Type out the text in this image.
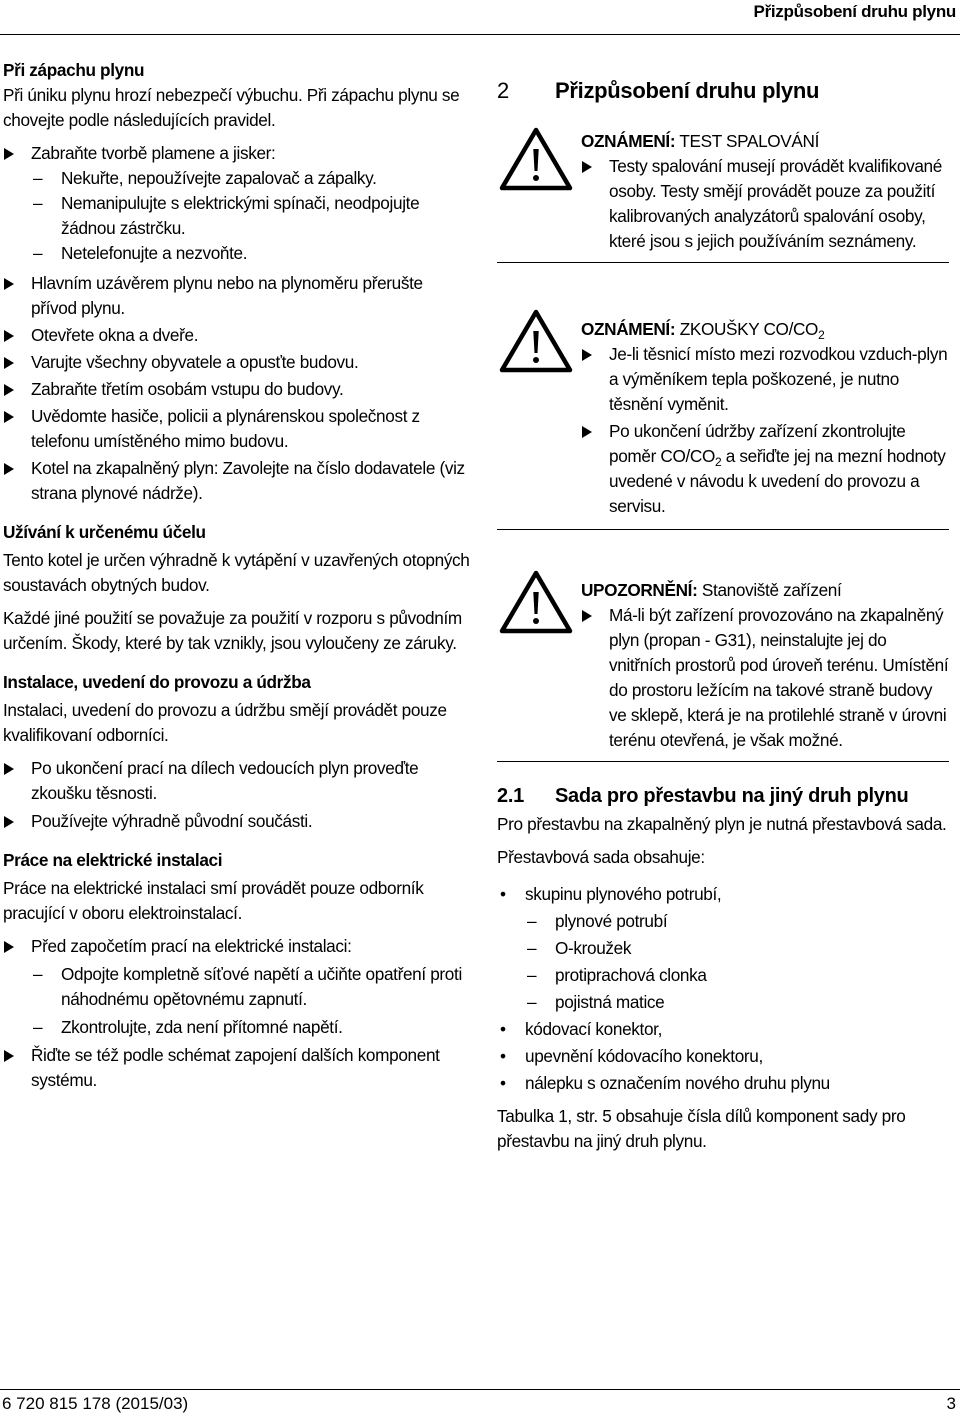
Přizpůsobení druhu plynu

Při zápachu plynu

Při úniku plynu hrozí nebezpečí výbuchu. Při zápachu plynu se chovejte podle následujících pravidel.

Zabraňte tvorbě plamene a jisker:
– Nekuřte, nepoužívejte zapalovač a zápalky.
– Nemanipulujte s elektrickými spínači, neodpojujte žádnou zástrčku.
– Netelefonujte a nezvoňte.
Hlavním uzávěrem plynu nebo na plynoměru přerušte přívod plynu.
Otevřete okna a dveře.
Varujte všechny obyvatele a opusťte budovu.
Zabraňte třetím osobám vstupu do budovy.
Uvědomte hasiče, policii a plynárenskou společnost z telefonu umístěného mimo budovu.
Kotel na zkapalněný plyn: Zavolejte na číslo dodavatele (viz strana plynové nádrže).

Užívání k určenému účelu

Tento kotel je určen výhradně k vytápění v uzavřených otopných soustavách obytných budov.

Každé jiné použití se považuje za použití v rozporu s původním určením. Škody, které by tak vznikly, jsou vyloučeny ze záruky.

Instalace, uvedení do provozu a údržba

Instalaci, uvedení do provozu a údržbu smějí provádět pouze kvalifikovaní odborníci.

Po ukončení prací na dílech vedoucích plyn proveďte zkoušku těsnosti.
Používejte výhradně původní součásti.

Práce na elektrické instalaci

Práce na elektrické instalaci smí provádět pouze odborník pracující v oboru elektroinstalací.

Před započetím prací na elektrické instalaci:
– Odpojte kompletně síťové napětí a učiňte opatření proti náhodnému opětovnému zapnutí.
– Zkontrolujte, zda není přítomné napětí.
Řiďte se též podle schémat zapojení dalších komponent systému.
2 Přizpůsobení druhu plynu

OZNÁMENÍ: TEST SPALOVÁNÍ

Testy spalování musejí provádět kvalifikované osoby. Testy smějí provádět pouze za použití kalibrovaných analyzátorů spalování osoby, které jsou s jejich používáním seznámeny.

OZNÁMENÍ: ZKOUŠKY $CO/CO_2$

Je-li těsnicí místo mezi rozvodkou vzduch-plyn a výměníkem tepla poškozené, je nutno těsnění vyměnit.
Po ukončení údržby zařízení zkontrolujte poměr $CO/CO_2$ a seřiďte jej na mezní hodnoty uvedené v návodu k uvedení do provozu a servisu.

UPOZORNĚNÍ: Stanoviště zařízení

Má-li být zařízení provozováno na zkapalněný plyn (propan - G31), neinstalujte jej do vnitřních prostorů pod úroveň terénu. Umístění do prostoru ležícím na takové straně budovy ve sklepě, která je na protilehlé straně v úrovni terénu otevřená, je však možné.
2.1 Sada pro přestavbu na jiný druh plynu

Pro přestavbu na zkapalněný plyn je nutná přestavbová sada.

Přestavbová sada obsahuje:

• skupinu plynového potrubí,
– plynové potrubí
– O-kroužek
– protiprachová clonka
– pojistná matice
• kódovací konektor,
• upevnění kódovacího konektoru,
• nálepku s označením nového druhu plynu

Tabulka 1, str. 5 obsahuje čísla dílů komponent sady pro přestavbu na jiný druh plynu.

6 720 815 178 (2015/03)	3
